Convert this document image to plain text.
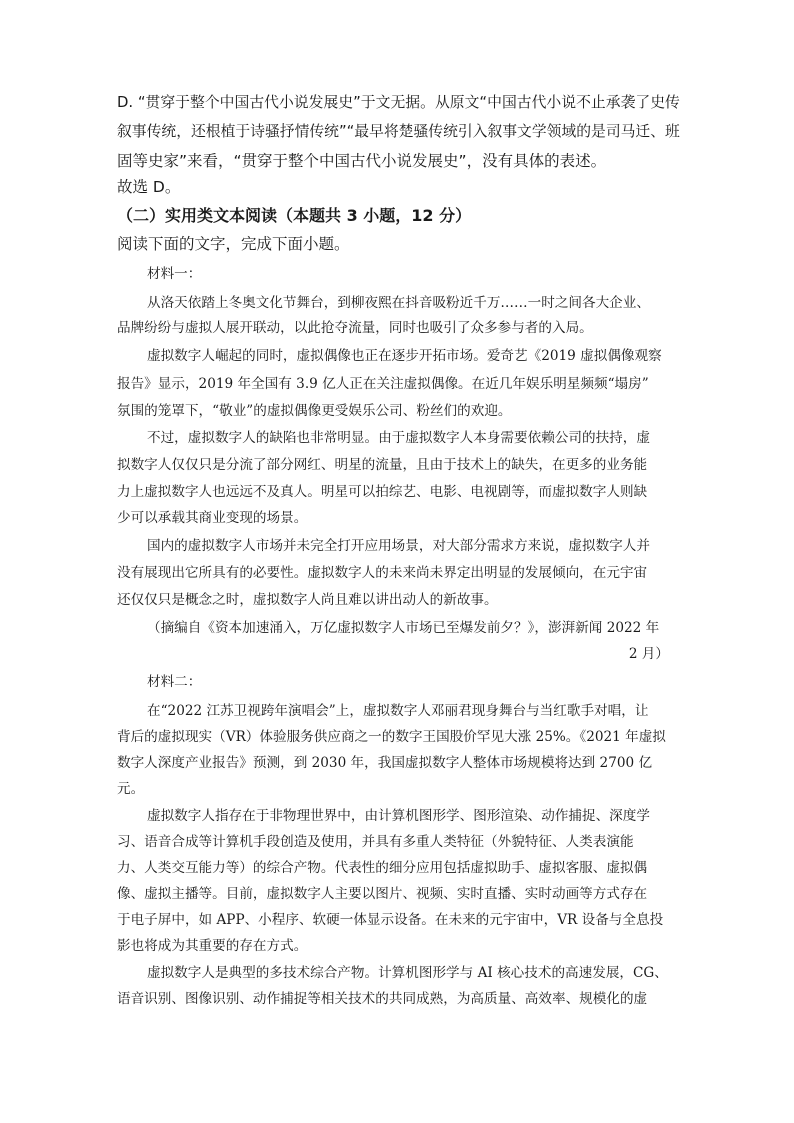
D. “贯穿于整个中国古代小说发展史”于文无据。从原文“中国古代小说不止承袭了史传
叙事传统，还根植于诗骚抒情传统”“最早将楚骚传统引入叙事文学领域的是司马迁、班
固等史家”来看，“贯穿于整个中国古代小说发展史”，没有具体的表述。
故选 D。
（二）实用类文本阅读（本题共 3 小题，12 分）
阅读下面的文字，完成下面小题。
材料一：
从洛天依踏上冬奥文化节舞台，到柳夜熙在抖音吸粉近千万……一时之间各大企业、
品牌纷纷与虚拟人展开联动，以此抢夺流量，同时也吸引了众多参与者的入局。
虚拟数字人崛起的同时，虚拟偶像也正在逐步开拓市场。爱奇艺《2019 虚拟偶像观察
报告》显示，2019 年全国有 3.9 亿人正在关注虚拟偶像。在近几年娱乐明星频频“塌房”
氛围的笼罩下，“敬业”的虚拟偶像更受娱乐公司、粉丝们的欢迎。
不过，虚拟数字人的缺陷也非常明显。由于虚拟数字人本身需要依赖公司的扶持，虚
拟数字人仅仅只是分流了部分网红、明星的流量，且由于技术上的缺失，在更多的业务能
力上虚拟数字人也远远不及真人。明星可以拍综艺、电影、电视剧等，而虚拟数字人则缺
少可以承载其商业变现的场景。
国内的虚拟数字人市场并未完全打开应用场景，对大部分需求方来说，虚拟数字人并
没有展现出它所具有的必要性。虚拟数字人的未来尚未界定出明显的发展倾向，在元宇宙
还仅仅只是概念之时，虚拟数字人尚且难以讲出动人的新故事。
（摘编自《资本加速涌入，万亿虚拟数字人市场已至爆发前夕？》，澎湃新闻 2022 年
2 月）
材料二：
在“2022 江苏卫视跨年演唱会”上，虚拟数字人邓丽君现身舞台与当红歌手对唱，让
背后的虚拟现实（VR）体验服务供应商之一的数字王国股价罕见大涨 25%。《2021 年虚拟
数字人深度产业报告》预测，到 2030 年，我国虚拟数字人整体市场规模将达到 2700 亿
元。
虚拟数字人指存在于非物理世界中，由计算机图形学、图形渲染、动作捕捉、深度学
习、语音合成等计算机手段创造及使用，并具有多重人类特征（外貌特征、人类表演能
力、人类交互能力等）的综合产物。代表性的细分应用包括虚拟助手、虚拟客服、虚拟偶
像、虚拟主播等。目前，虚拟数字人主要以图片、视频、实时直播、实时动画等方式存在
于电子屏中，如 APP、小程序、软硬一体显示设备。在未来的元宇宙中，VR 设备与全息投
影也将成为其重要的存在方式。
虚拟数字人是典型的多技术综合产物。计算机图形学与 AI 核心技术的高速发展，CG、
语音识别、图像识别、动作捕捉等相关技术的共同成熟，为高质量、高效率、规模化的虚
